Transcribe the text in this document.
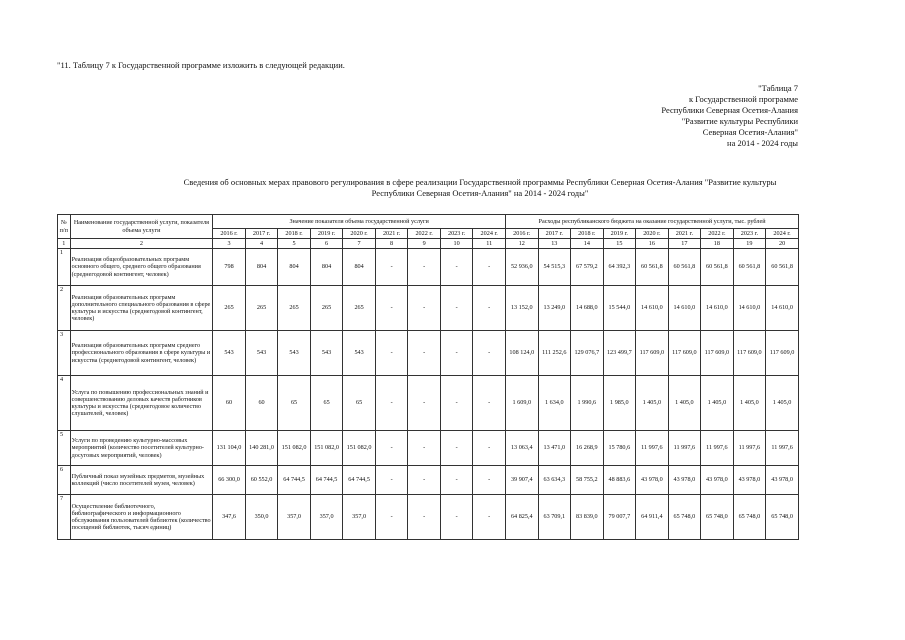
"11. Таблицу 7 к Государственной программе изложить в следующей редакции.
"Таблица 7
к Государственной программе
Республики Северная Осетия-Алания
"Развитие культуры Республики
Северная Осетия-Алания"
на 2014 - 2024 годы
Сведения об основных мерах правового регулирования в сфере реализации Государственной программы Республики Северная Осетия-Алания "Развитие культуры Республики Северная Осетия-Алания" на 2014 - 2024 годы"
№ п/п	Наименование государственной услуги, показателя объема услуги	Значение показателя объема государственной услуги									Расходы республиканского бюджета на оказание государственной услуги, тыс. рублей								
		2016 г.	2017 г.	2018 г.	2019 г.	2020 г.	2021 г.	2022 г.	2023 г.	2024 г.	2016 г.	2017 г.	2018 г.	2019 г.	2020 г.	2021 г.	2022 г.	2023 г.	2024 г.
1	2	3	4	5	6	7	8	9	10	11	12	13	14	15	16	17	18	19	20
1	Реализация общеобразовательных программ основного общего, среднего общего образования (среднегодовой контингент, человек)	798	804	804	804	804	-	-	-	-	52 936,0	54 515,3	67 579,2	64 392,3	60 561,8	60 561,8	60 561,8	60 561,8	60 561,8
2	Реализация образовательных программ дополнительного специального образования в сфере культуры и искусства (среднегодовой контингент, человек)	265	265	265	265	265	-	-	-	-	13 152,0	13 249,0	14 688,0	15 544,0	14 610,0	14 610,0	14 610,0	14 610,0	14 610,0
3	Реализация образовательных программ среднего профессионального образования в сфере культуры и искусства (среднегодовой контингент, человек)	543	543	543	543	543	-	-	-	-	108 124,0	111 252,6	129 076,7	123 499,7	117 609,0	117 609,0	117 609,0	117 609,0	117 609,0
4	Услуга по повышению профессиональных знаний и совершенствованию деловых качеств работников культуры и искусства (среднегодовое количество слушателей, человек)	60	60	65	65	65	-	-	-	-	1 609,0	1 634,0	1 990,6	1 985,0	1 405,0	1 405,0	1 405,0	1 405,0	1 405,0
5	Услуги по проведению культурно-массовых мероприятий (количество посетителей культурно-досуговых мероприятий, человек)	131 104,0	140 281,0	151 082,0	151 082,0	151 082,0	-	-	-	-	13 063,4	13 471,0	16 268,9	15 780,6	11 997,6	11 997,6	11 997,6	11 997,6	11 997,6
6	Публичный показ музейных предметов, музейных коллекций (число посетителей музея, человек)	66 300,0	60 552,0	64 744,5	64 744,5	64 744,5	-	-	-	-	39 907,4	63 634,3	58 755,2	48 883,6	43 978,0	43 978,0	43 978,0	43 978,0	43 978,0
7	Осуществление библиотечного, библиографического и информационного обслуживания пользователей библиотек (количество посещений библиотек, тысяч единиц)	347,6	350,0	357,0	357,0	357,0	-	-	-	-	64 825,4	63 709,1	83 839,0	79 007,7	64 911,4	65 748,0	65 748,0	65 748,0	65 748,0
